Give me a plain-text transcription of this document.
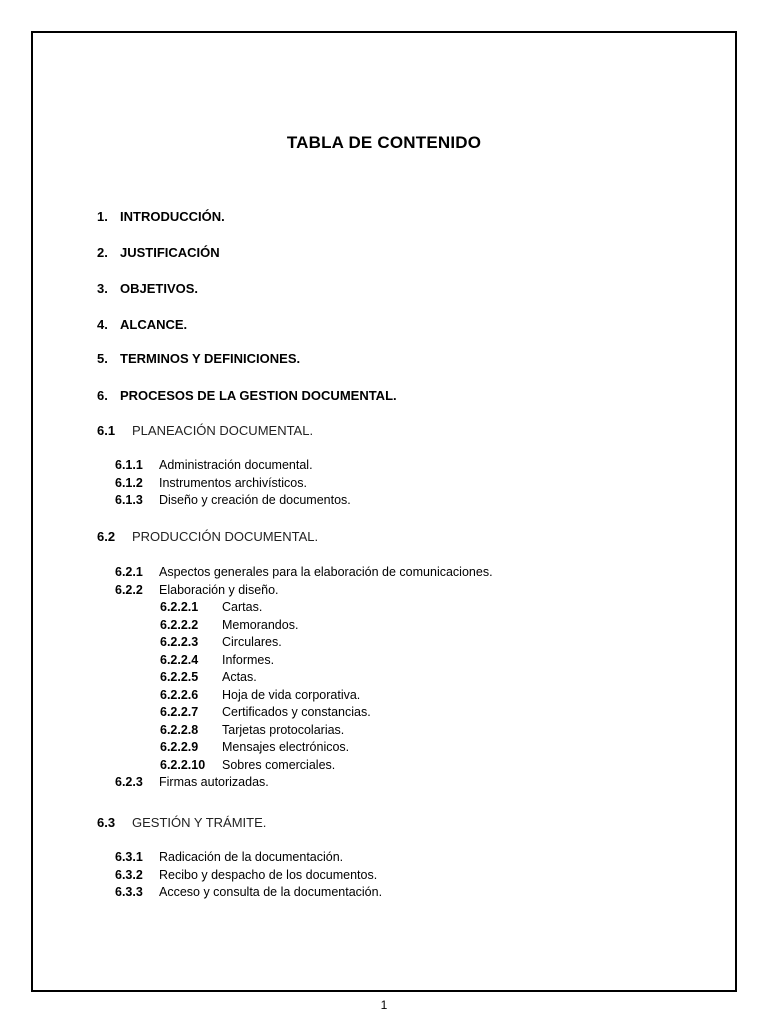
TABLA DE CONTENIDO
1. INTRODUCCIÓN.
2. JUSTIFICACIÓN
3. OBJETIVOS.
4. ALCANCE.
5. TERMINOS Y DEFINICIONES.
6. PROCESOS DE LA GESTION DOCUMENTAL.
6.1 PLANEACIÓN DOCUMENTAL.
6.1.1 Administración documental.
6.1.2 Instrumentos archivísticos.
6.1.3 Diseño y creación de documentos.
6.2 PRODUCCIÓN DOCUMENTAL.
6.2.1 Aspectos generales para la elaboración de comunicaciones.
6.2.2 Elaboración y diseño.
6.2.2.1 Cartas.
6.2.2.2 Memorandos.
6.2.2.3 Circulares.
6.2.2.4 Informes.
6.2.2.5 Actas.
6.2.2.6 Hoja de vida corporativa.
6.2.2.7 Certificados y constancias.
6.2.2.8 Tarjetas protocolarias.
6.2.2.9 Mensajes electrónicos.
6.2.2.10 Sobres comerciales.
6.2.3 Firmas autorizadas.
6.3 GESTIÓN Y TRÁMITE.
6.3.1 Radicación de la documentación.
6.3.2 Recibo y despacho de los documentos.
6.3.3 Acceso y consulta de la documentación.
1
